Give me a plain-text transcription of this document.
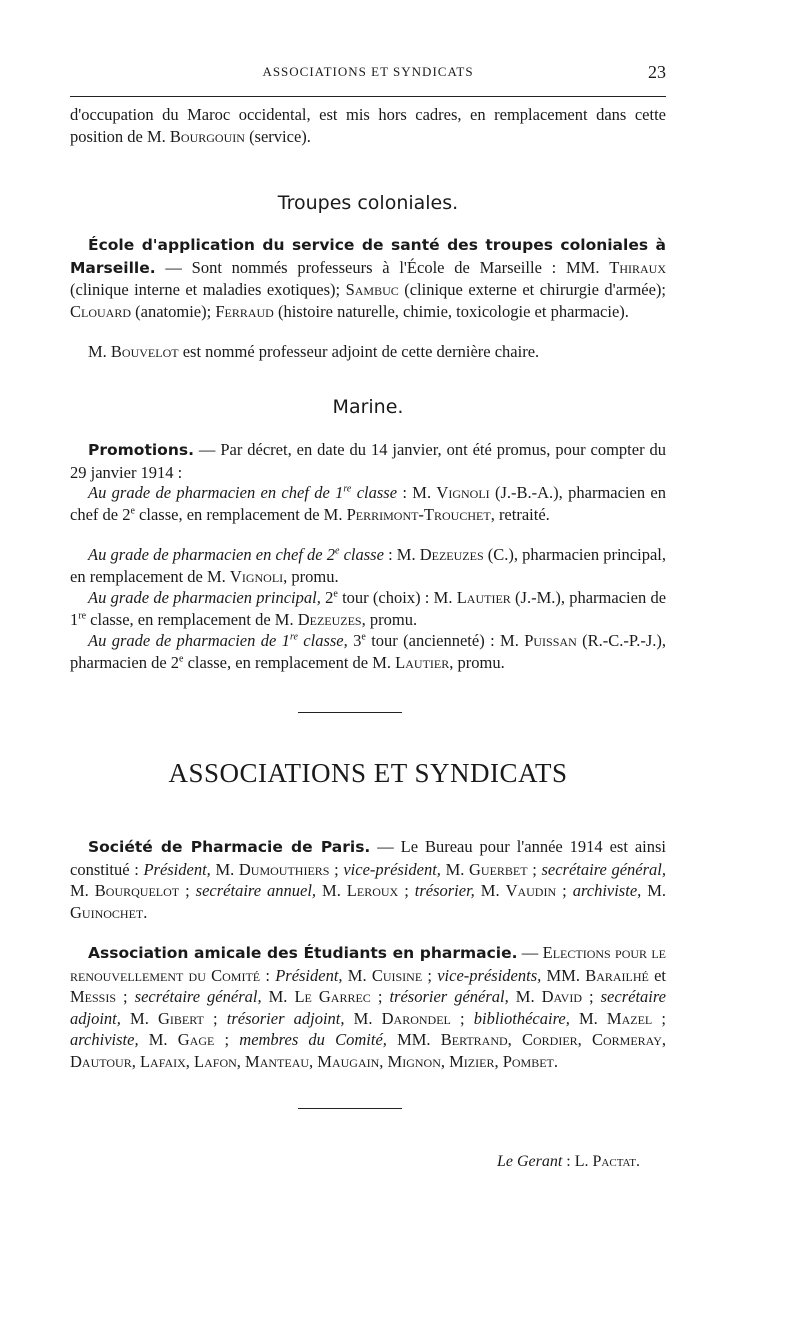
ASSOCIATIONS ET SYNDICATS	23

d'occupation du Maroc occidental, est mis hors cadres, en remplacement dans cette position de M. Bourgouin (service).

Troupes coloniales.

École d'application du service de santé des troupes coloniales à Marseille. — Sont nommés professeurs à l'École de Marseille : MM. Thiraux (clinique interne et maladies exotiques); Sambuc (clinique externe et chirurgie d'armée); Clouard (anatomie); Ferraud (histoire naturelle, chimie, toxicologie et pharmacie).

M. Bouvelot est nommé professeur adjoint de cette dernière chaire.

Marine.

Promotions. — Par décret, en date du 14 janvier, ont été promus, pour compter du 29 janvier 1914 :

Au grade de pharmacien en chef de 1re classe : M. Vignoli (J.-B.-A.), pharmacien en chef de 2e classe, en remplacement de M. Perrimont-Trouchet, retraité.

Au grade de pharmacien en chef de 2e classe : M. Dezeuzes (C.), pharmacien principal, en remplacement de M. Vignoli, promu.

Au grade de pharmacien principal, 2e tour (choix) : M. Lautier (J.-M.), pharmacien de 1re classe, en remplacement de M. Dezeuzes, promu.

Au grade de pharmacien de 1re classe, 3e tour (ancienneté) : M. Puissan (R.-C.-P.-J.), pharmacien de 2e classe, en remplacement de M. Lautier, promu.

ASSOCIATIONS ET SYNDICATS

Société de Pharmacie de Paris. — Le Bureau pour l'année 1914 est ainsi constitué : Président, M. Dumouthiers ; vice-président, M. Guerbet ; secrétaire général, M. Bourquelot ; secrétaire annuel, M. Leroux ; trésorier, M. Vaudin ; archiviste, M. Guinochet.

Association amicale des Étudiants en pharmacie. — Elections pour le renouvellement du Comité : Président, M. Cuisine ; vice-présidents, MM. Barailhé et Messis ; secrétaire général, M. Le Garrec ; trésorier général, M. David ; secrétaire adjoint, M. Gibert ; trésorier adjoint, M. Darondel ; bibliothécaire, M. Mazel ; archiviste, M. Gage ; membres du Comité, MM. Bertrand, Cordier, Cormeray, Dautour, Lafaix, Lafon, Manteau, Maugain, Mignon, Mizier, Pombet.

Le Gerant : L. Pactat.
